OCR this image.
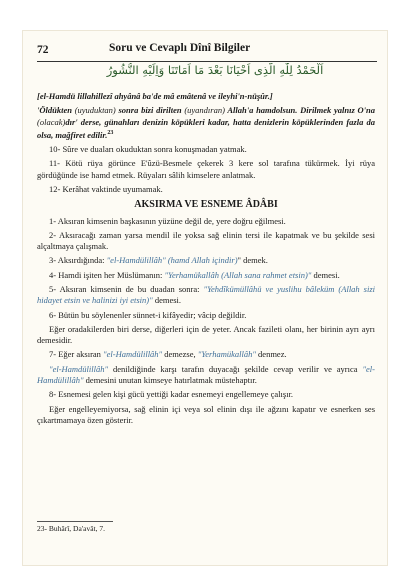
72	Soru ve Cevaplı Dînî Bilgiler
اَلْحَمْدُ لِلّٰهِ الَّذِى اَحْيَانَا بَعْدَ مَا اَمَاتَنَا وَاِلَيْهِ النُّشُورُ

[el-Hamdü lillahillezî ahyânâ ba'de mâ emâtenâ ve ileyhi'n-nüşûr.]

'Öldükten (uyuduktan) sonra bizi dirilten (uyandıran) Allah'a hamdolsun. Dirilmek yalnız O'na (olacak)dır' derse, günahları denizin köpükleri kadar, hatta denizlerin köpüklerinden fazla da olsa, mağfiret edilir.$^{23}$

10- Sûre ve duaları okuduktan sonra konuşmadan yatmak.

11- Kötü rüya görünce E'ûzü-Besmele çekerek 3 kere sol tarafına tükürmek. İyi rüya gördüğünde ise hamd etmek. Rüyaları sâlih kimselere anlatmak.

12- Kerâhat vaktinde uyumamak.

AKSIRMA VE ESNEME ÂDÂBI

1- Aksıran kimsenin başkasının yüzüne değil de, yere doğru eğilmesi.

2- Aksıracağı zaman yarsa mendil ile yoksa sağ elinin tersi ile kapatmak ve bu şekilde sesi alçaltmaya çalışmak.

3- Aksırdığında: "el-Hamdülillâh" (hamd Allah içindir)" demek.

4- Hamdi işiten her Müslümanın: "Yerhamükallâh (Allah sana rahmet etsin)" demesi.

5- Aksıran kimsenin de bu duadan sonra: "Yehdîkümüllâhü ve yuslihu bâleküm (Allah sizi hidayet etsin ve halinizi iyi etsin)" demesi.

6- Bütün bu söylenenler sünnet-i kifâyedir; vâcip değildir.

Eğer oradakilerden biri derse, diğerleri için de yeter. Ancak fazileti olanı, her birinin ayrı ayrı demesidir.

7- Eğer aksıran "el-Hamdülillâh" demezse, "Yerhamükallâh" denmez.

"el-Hamdülillâh" denildiğinde karşı tarafın duyacağı şekilde cevap verilir ve ayrıca "el-Hamdülillâh" demesini unutan kimseye hatırlatmak müstehaptır.

8- Esnemesi gelen kişi gücü yettiği kadar esnemeyi engellemeye çalışır.

Eğer engelleyemiyorsa, sağ elinin içi veya sol elinin dışı ile ağzını kapatır ve esnerken ses çıkartmamaya özen gösterir.

23- Buhârî, Da'avât, 7.
